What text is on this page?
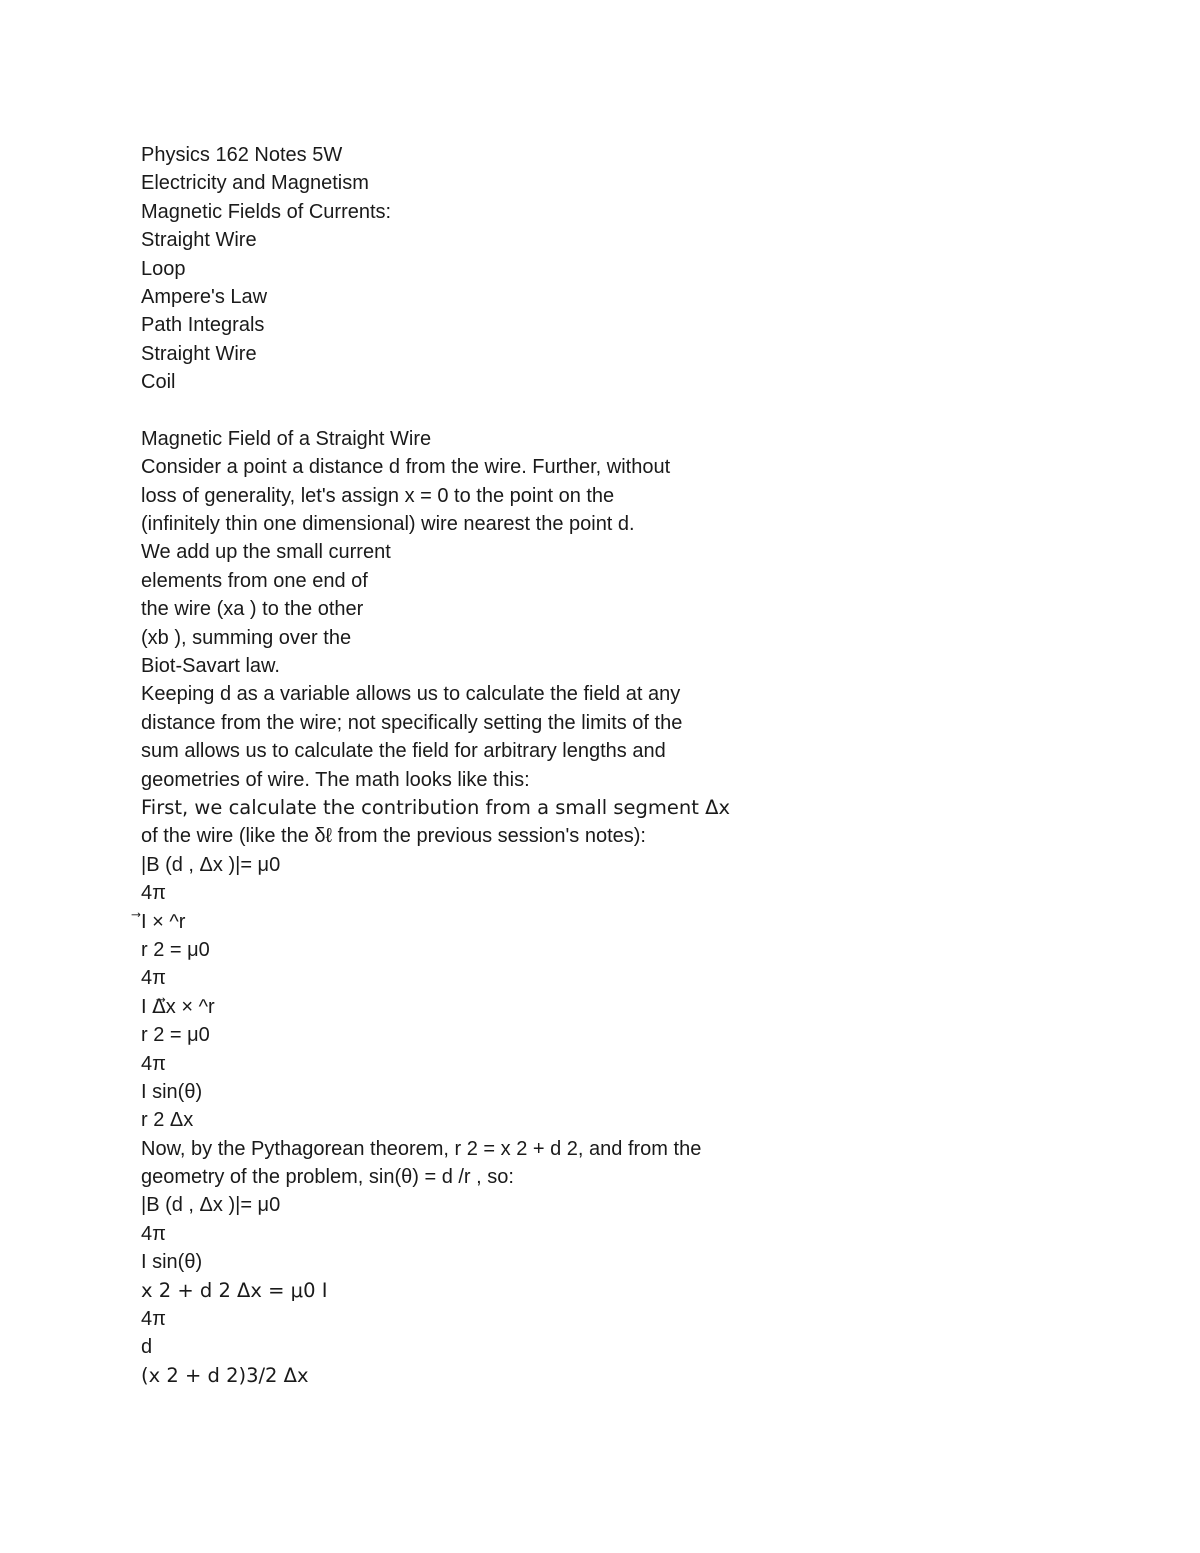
Physics 162 Notes 5W
Electricity and Magnetism
Magnetic Fields of Currents:
Straight Wire
Loop
Ampere's Law
Path Integrals
Straight Wire
Coil
Magnetic Field of a Straight Wire
Consider a point a distance d from the wire. Further, without
loss of generality, let's assign x = 0 to the point on the
(infinitely thin one dimensional) wire nearest the point d.
We add up the small current
elements from one end of
the wire (xa ) to the other
(xb ), summing over the
Biot-Savart law.
Keeping d as a variable allows us to calculate the field at any
distance from the wire; not specifically setting the limits of the
sum allows us to calculate the field for arbitrary lengths and
geometries of wire. The math looks like this:
First, we calculate the contribution from a small segment Δx
of the wire (like the δℓ from the previous session's notes):
|B (d , Δx )|= μ0
4π
⃗I × ^r
r 2 = μ0
4π
I Δ⃗x × ^r
r 2 = μ0
4π
I sin(θ)
r 2 Δx
Now, by the Pythagorean theorem, r 2 = x 2 + d 2, and from the
geometry of the problem, sin(θ) = d /r , so:
|B (d , Δx )|= μ0
4π
I sin(θ)
x 2 + d 2 Δx = μ0 I
4π
d
(x 2 + d 2)3/2 Δx
